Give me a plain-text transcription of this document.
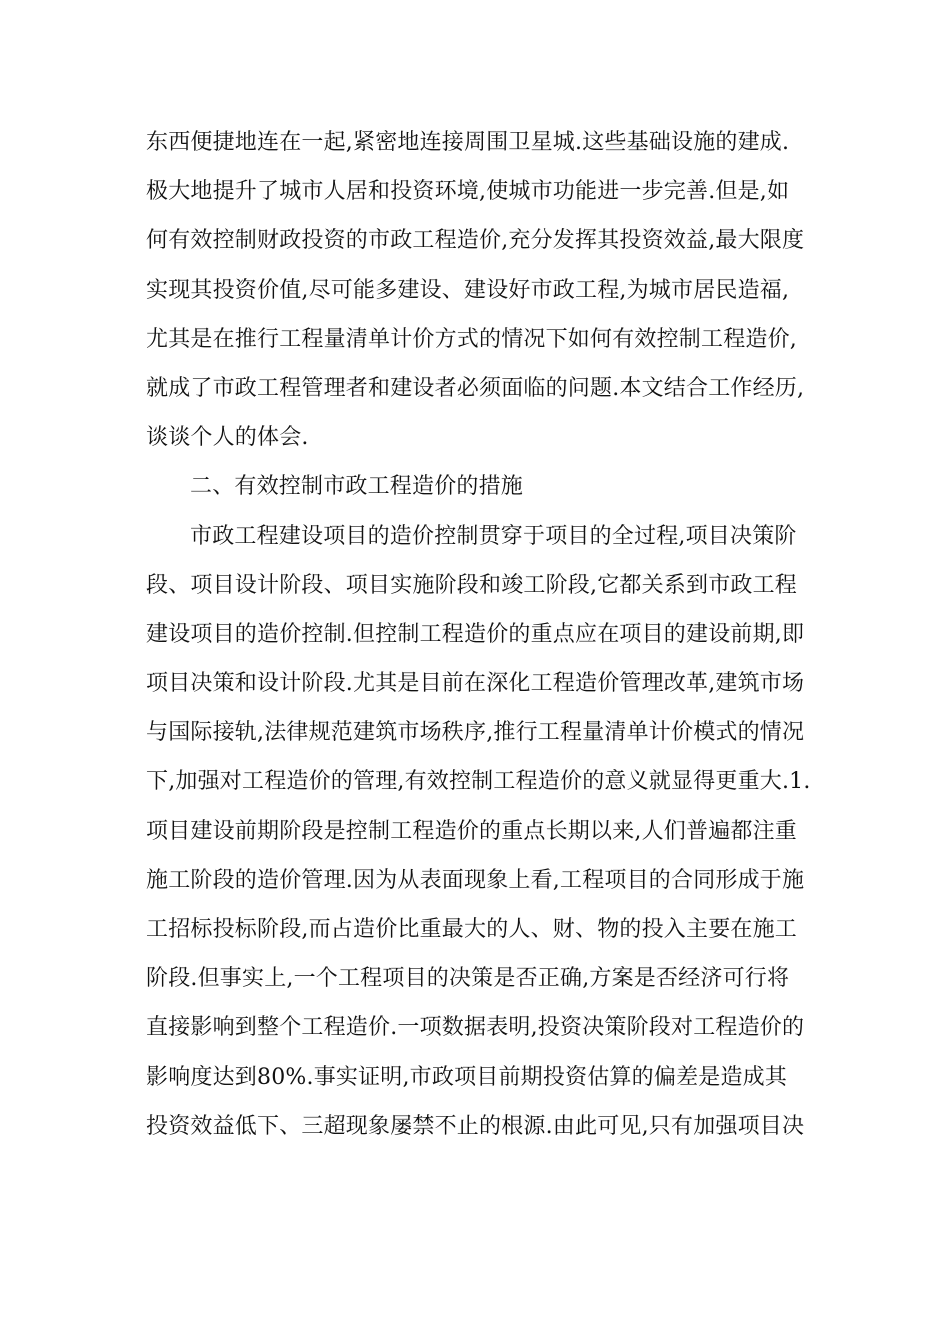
东西便捷地连在一起,紧密地连接周围卫星城.这些基础设施的建成.
极大地提升了城市人居和投资环境,使城市功能进一步完善.但是,如
何有效控制财政投资的市政工程造价,充分发挥其投资效益,最大限度
实现其投资价值,尽可能多建设、建设好市政工程,为城市居民造福,
尤其是在推行工程量清单计价方式的情况下如何有效控制工程造价,
就成了市政工程管理者和建设者必须面临的问题.本文结合工作经历,
谈谈个人的体会.
二、有效控制市政工程造价的措施
市政工程建设项目的造价控制贯穿于项目的全过程,项目决策阶
段、项目设计阶段、项目实施阶段和竣工阶段,它都关系到市政工程
建设项目的造价控制.但控制工程造价的重点应在项目的建设前期,即
项目决策和设计阶段.尤其是目前在深化工程造价管理改革,建筑市场
与国际接轨,法律规范建筑市场秩序,推行工程量清单计价模式的情况
下,加强对工程造价的管理,有效控制工程造价的意义就显得更重大.1.
项目建设前期阶段是控制工程造价的重点长期以来,人们普遍都注重
施工阶段的造价管理.因为从表面现象上看,工程项目的合同形成于施
工招标投标阶段,而占造价比重最大的人、财、物的投入主要在施工
阶段.但事实上,一个工程项目的决策是否正确,方案是否经济可行将
直接影响到整个工程造价.一项数据表明,投资决策阶段对工程造价的
影响度达到80%.事实证明,市政项目前期投资估算的偏差是造成其
投资效益低下、三超现象屡禁不止的根源.由此可见,只有加强项目决
